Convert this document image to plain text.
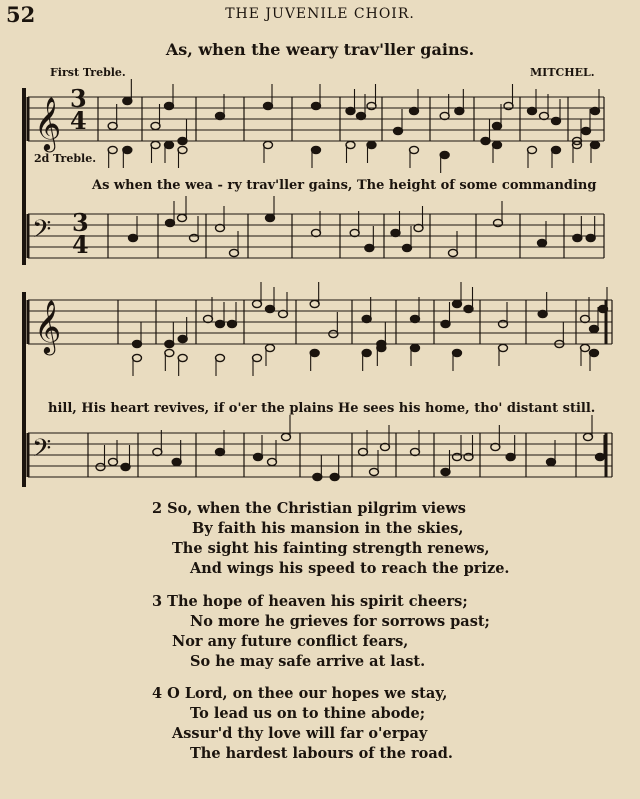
52	THE JUVENILE CHOIR.
As, when the weary trav'ller gains.
First Treble.	MITCHEL.
2d Treble.
𝄞
𝄢
𝄞
𝄢
3
4
3
4
As when the wea - ry trav'ller gains, The height of some commanding
hill, His heart revives, if o'er the plains He sees his home, tho' distant still.
2 So, when the Christian pilgrim views
By faith his mansion in the skies,
The sight his fainting strength renews,
And wings his speed to reach the prize.
3 The hope of heaven his spirit cheers;
No more he grieves for sorrows past;
Nor any future conflict fears,
So he may safe arrive at last.
4 O Lord, on thee our hopes we stay,
To lead us on to thine abode;
Assur'd thy love will far o'erpay
The hardest labours of the road.
